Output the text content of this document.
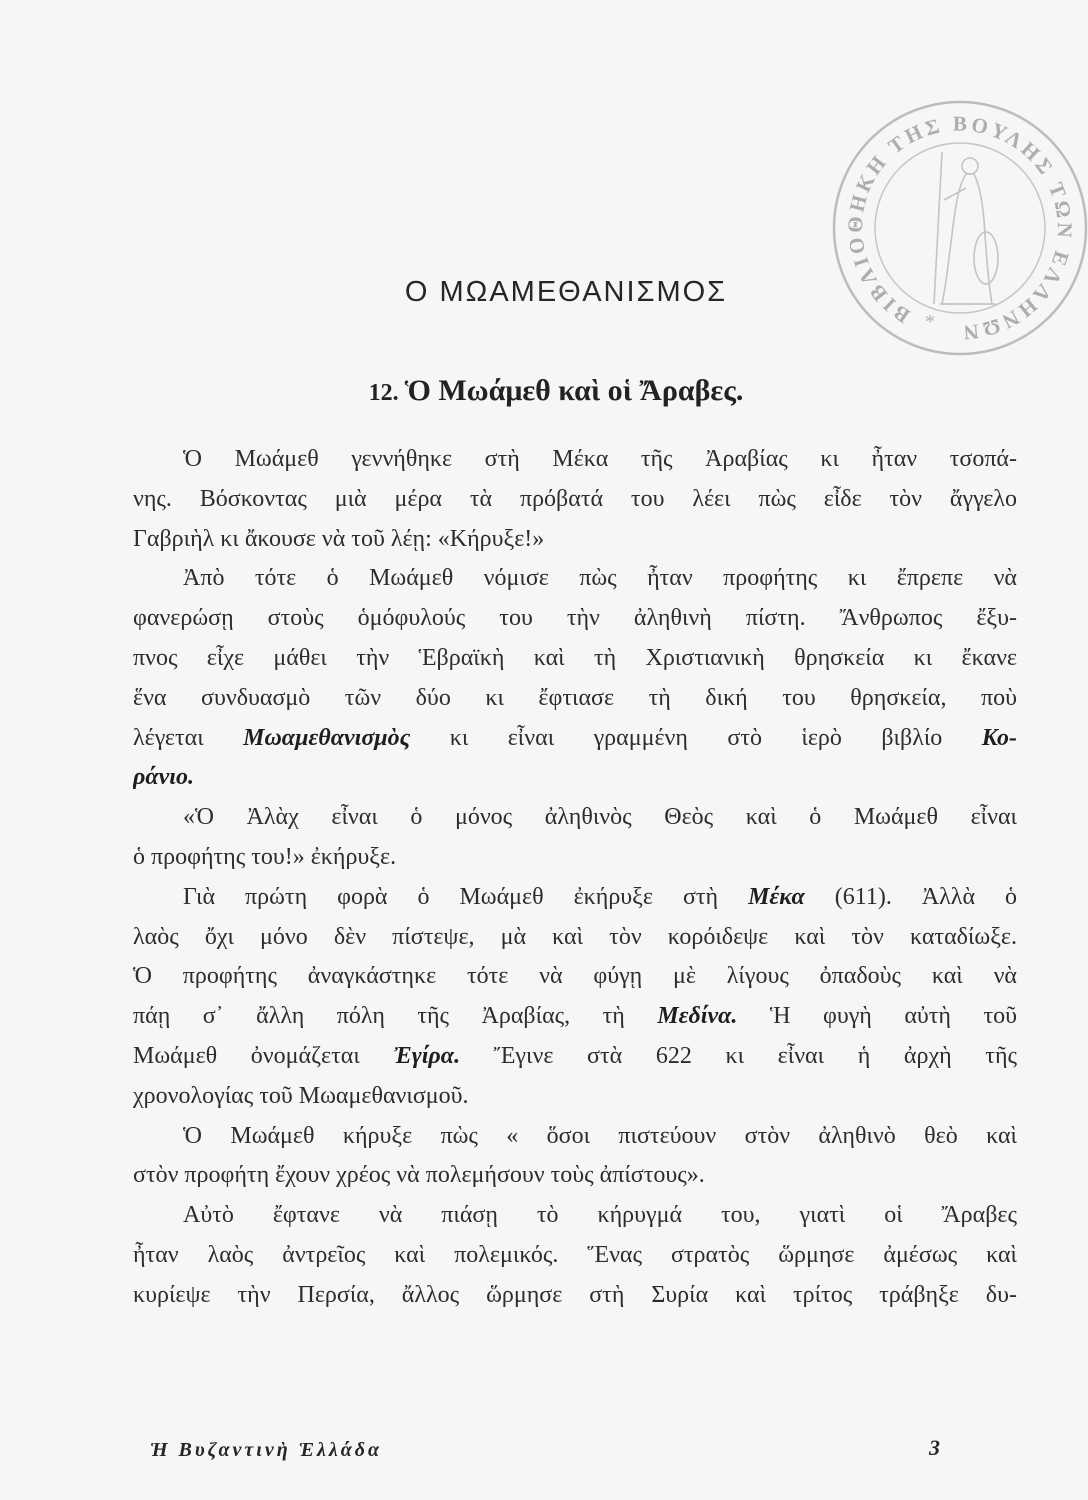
ΒΙΒΛΙΟΘΗΚΗ ΤΗΣ ΒΟΥΛΗΣ ΤΩΝ ΕΛΛΗΝΩΝ
*
Ο ΜΩΑΜΕΘΑΝΙΣΜΟΣ
12. Ὁ Μωάμεθ καὶ οἱ Ἄραβες.
Ὁ Μωάμεθ γεννήθηκε στὴ Μέκα τῆς Ἀραβίας κι ἦταν τσοπά-
νης. Βόσκοντας μιὰ μέρα τὰ πρόβατά του λέει πὼς εἶδε τὸν ἄγγελο
Γαβριὴλ κι ἄκουσε νὰ τοῦ λέῃ: «Κήρυξε!»
Ἀπὸ τότε ὁ Μωάμεθ νόμισε πὼς ἦταν προφήτης κι ἔπρεπε νὰ
φανερώσῃ στοὺς ὁμόφυλούς του τὴν ἀληθινὴ πίστη. Ἄνθρωπος ἔξυ-
πνος εἶχε μάθει τὴν Ἑβραϊκὴ καὶ τὴ Χριστιανικὴ θρησκεία κι ἔκανε
ἕνα συνδυασμὸ τῶν δύο κι ἔφτιασε τὴ δική του θρησκεία, ποὺ
λέγεται Μωαμεθανισμὸς κι εἶναι γραμμένη στὸ ἱερὸ βιβλίο Κο-
ράνιο.
«Ὁ Ἀλὰχ εἶναι ὁ μόνος ἀληθινὸς Θεὸς καὶ ὁ Μωάμεθ εἶναι
ὁ προφήτης του!» ἐκήρυξε.
Γιὰ πρώτη φορὰ ὁ Μωάμεθ ἐκήρυξε στὴ Μέκα (611). Ἀλλὰ ὁ
λαὸς ὄχι μόνο δὲν πίστεψε, μὰ καὶ τὸν κορόιδεψε καὶ τὸν καταδίωξε.
Ὁ προφήτης ἀναγκάστηκε τότε νὰ φύγῃ μὲ λίγους ὀπαδοὺς καὶ νὰ
πάῃ σ᾿ ἄλλη πόλη τῆς Ἀραβίας, τὴ Μεδίνα. Ἡ φυγὴ αὐτὴ τοῦ
Μωάμεθ ὀνομάζεται Ἐγίρα. Ἔγινε στὰ 622 κι εἶναι ἡ ἀρχὴ τῆς
χρονολογίας τοῦ Μωαμεθανισμοῦ.
Ὁ Μωάμεθ κήρυξε πὼς « ὅσοι πιστεύουν στὸν ἀληθινὸ θεὸ καὶ
στὸν προφήτη ἔχουν χρέος νὰ πολεμήσουν τοὺς ἀπίστους».
Αὐτὸ ἔφτανε νὰ πιάσῃ τὸ κήρυγμά του, γιατὶ οἱ Ἄραβες
ἦταν λαὸς ἀντρεῖος καὶ πολεμικός. Ἕνας στρατὸς ὥρμησε ἀμέσως καὶ
κυρίεψε τὴν Περσία, ἄλλος ὥρμησε στὴ Συρία καὶ τρίτος τράβηξε δυ-
Ἡ Βυζαντινὴ Ἑλλάδα	3
